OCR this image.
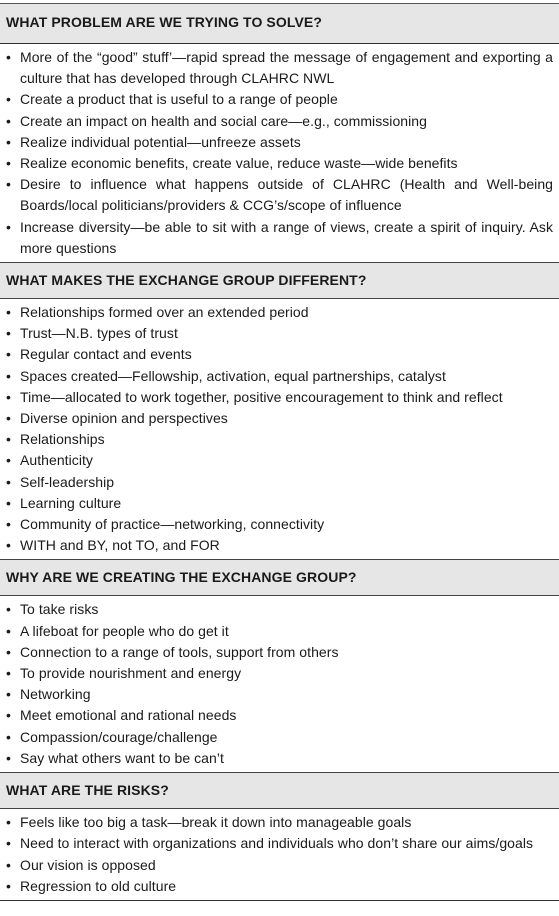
WHAT PROBLEM ARE WE TRYING TO SOLVE?
• More of the “good” stuff’—rapid spread the message of engagement and exporting a culture that has developed through CLAHRC NWL
• Create a product that is useful to a range of people
• Create an impact on health and social care—e.g., commissioning
• Realize individual potential—unfreeze assets
• Realize economic benefits, create value, reduce waste—wide benefits
• Desire to influence what happens outside of CLAHRC (Health and Well-being Boards/local politicians/providers & CCG’s/scope of influence
• Increase diversity—be able to sit with a range of views, create a spirit of inquiry. Ask more questions
WHAT MAKES THE EXCHANGE GROUP DIFFERENT?
• Relationships formed over an extended period
• Trust—N.B. types of trust
• Regular contact and events
• Spaces created—Fellowship, activation, equal partnerships, catalyst
• Time—allocated to work together, positive encouragement to think and reflect
• Diverse opinion and perspectives
• Relationships
• Authenticity
• Self-leadership
• Learning culture
• Community of practice—networking, connectivity
• WITH and BY, not TO, and FOR
WHY ARE WE CREATING THE EXCHANGE GROUP?
• To take risks
• A lifeboat for people who do get it
• Connection to a range of tools, support from others
• To provide nourishment and energy
• Networking
• Meet emotional and rational needs
• Compassion/courage/challenge
• Say what others want to be can’t
WHAT ARE THE RISKS?
• Feels like too big a task—break it down into manageable goals
• Need to interact with organizations and individuals who don’t share our aims/goals
• Our vision is opposed
• Regression to old culture
